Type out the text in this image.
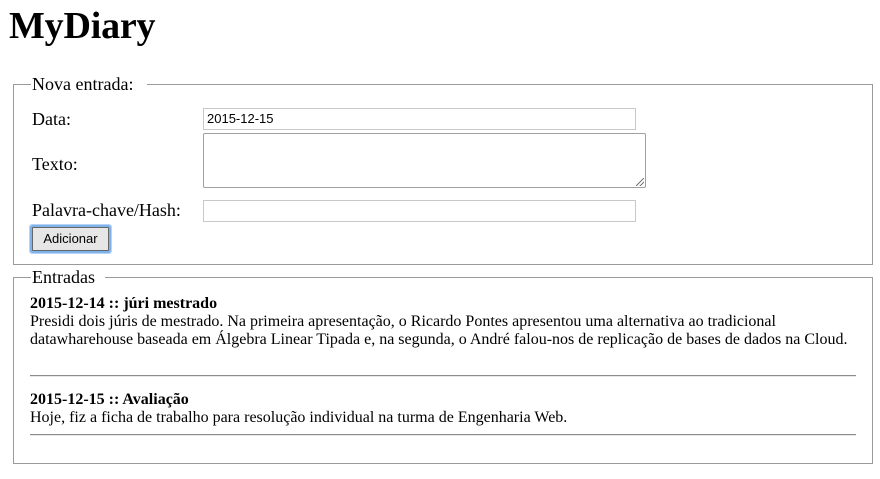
MyDiary
Nova entrada:
Data:	2015-12-15
Texto:
Palavra-chave/Hash:
Adicionar
Entradas
2015-12-14 :: júri mestrado

Presidi dois júris de mestrado. Na primeira apresentação, o Ricardo Pontes apresentou uma alternativa ao tradicional datawharehouse baseada em Álgebra Linear Tipada e, na segunda, o André falou-nos de replicação de bases de dados na Cloud.

2015-12-15 :: Avaliação

Hoje, fiz a ficha de trabalho para resolução individual na turma de Engenharia Web.
